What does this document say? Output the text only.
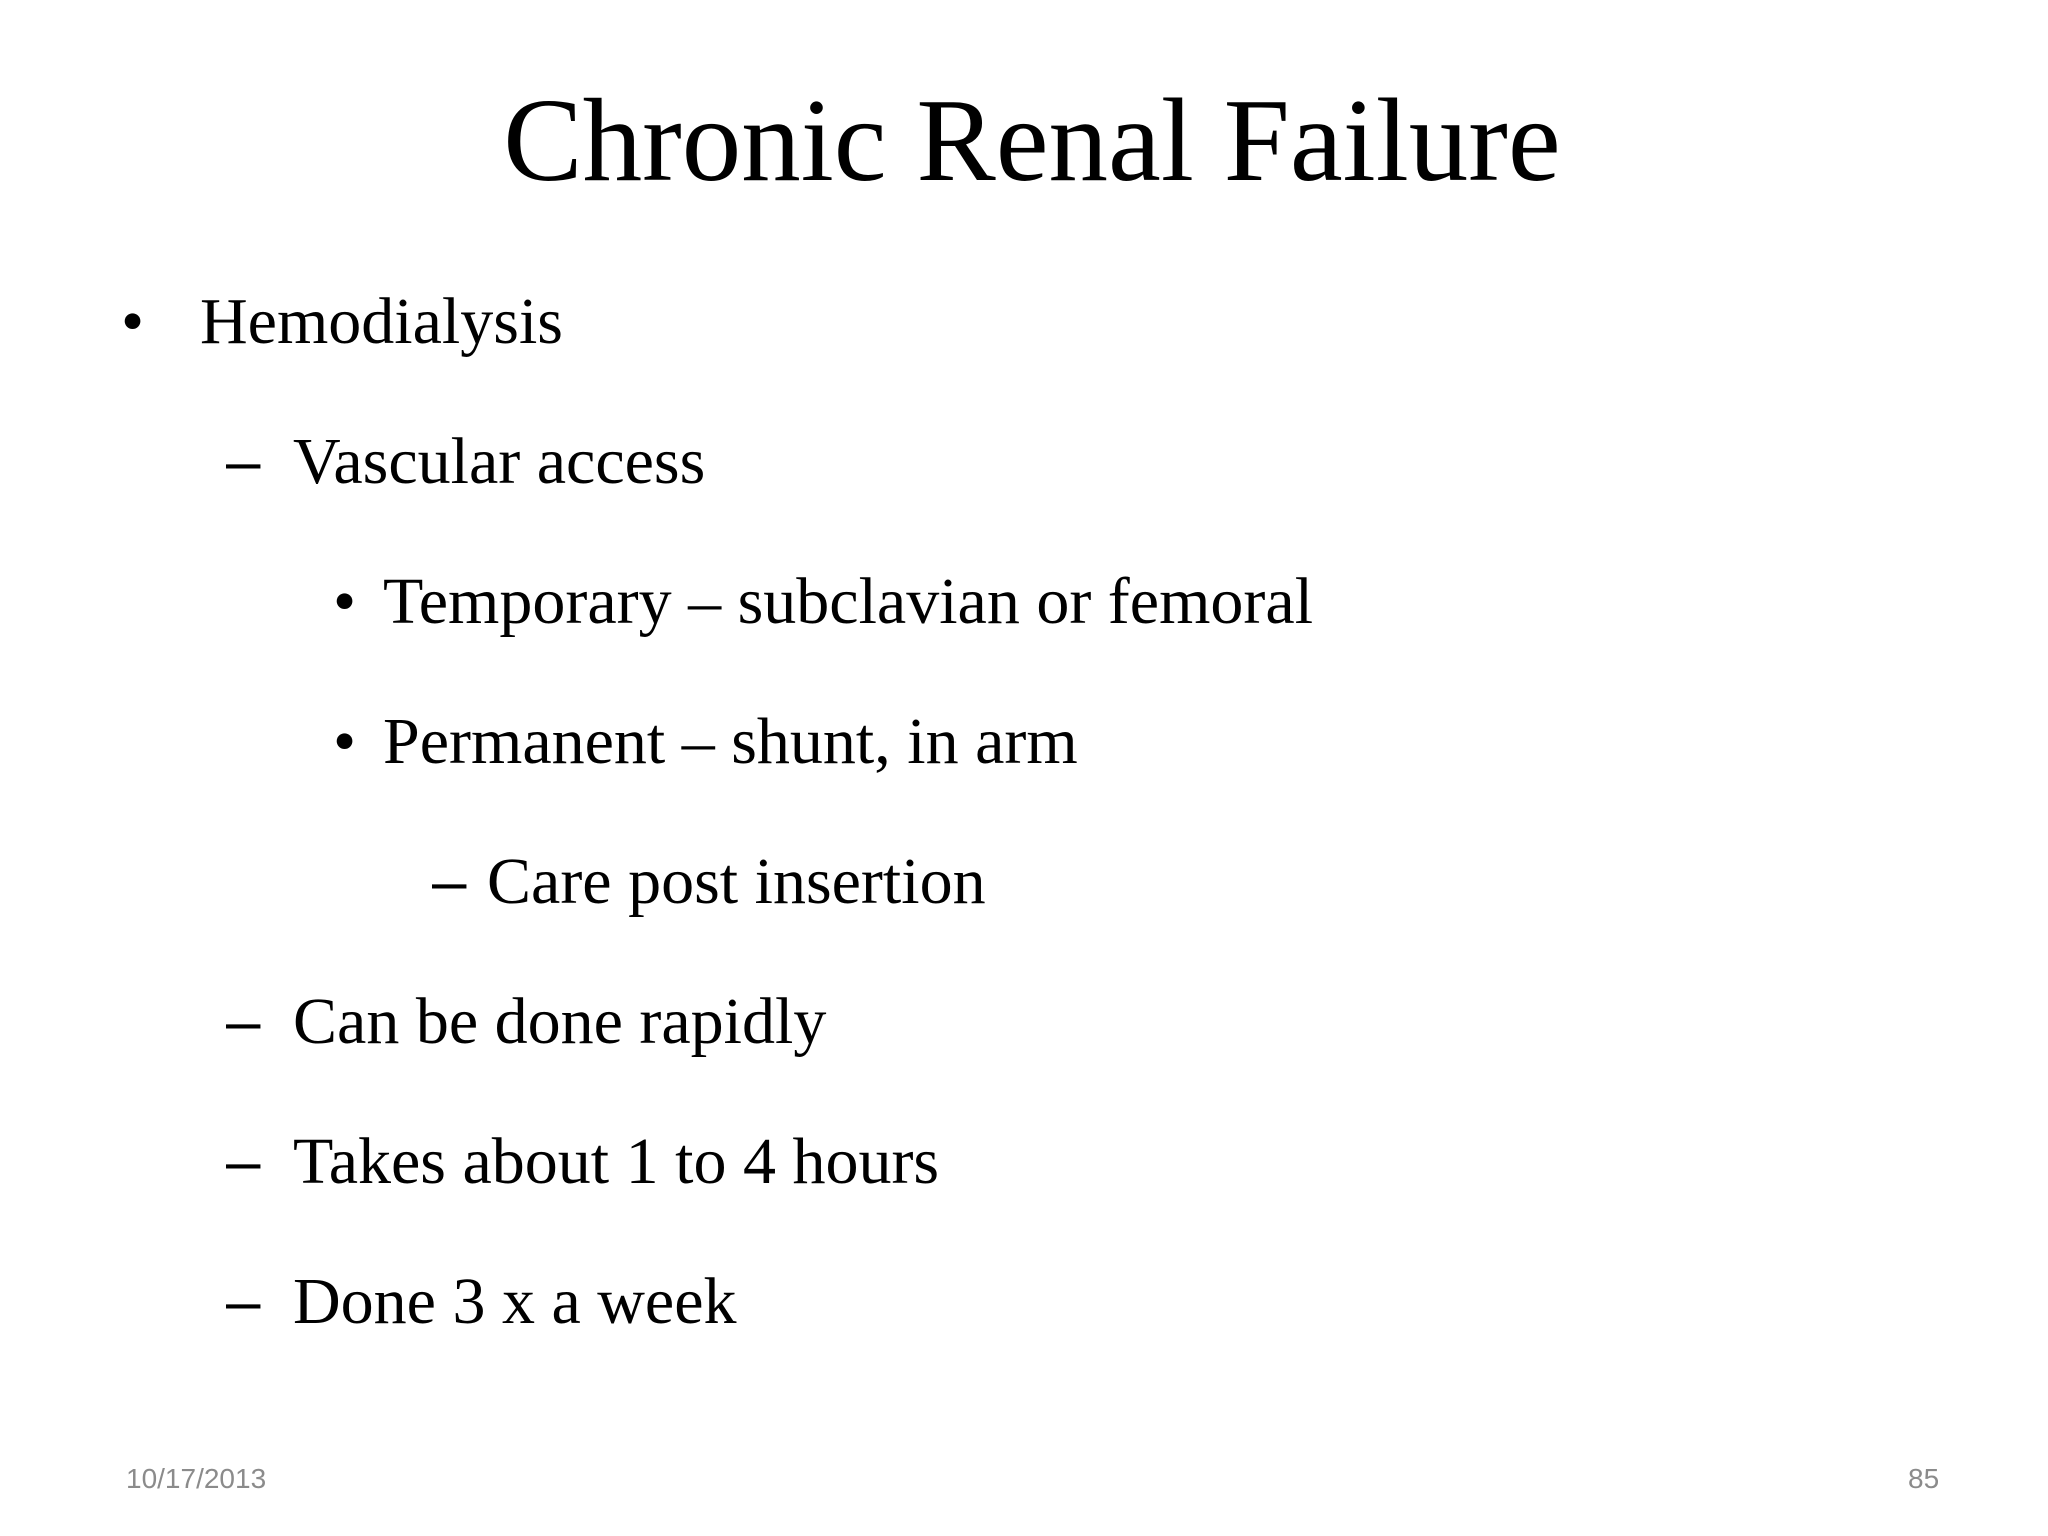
Chronic Renal Failure
• Hemodialysis
– Vascular access
• Temporary – subclavian or femoral
• Permanent – shunt, in arm
– Care post insertion
– Can be done rapidly
– Takes about 1 to 4 hours
– Done 3 x a week
10/17/2013	85
